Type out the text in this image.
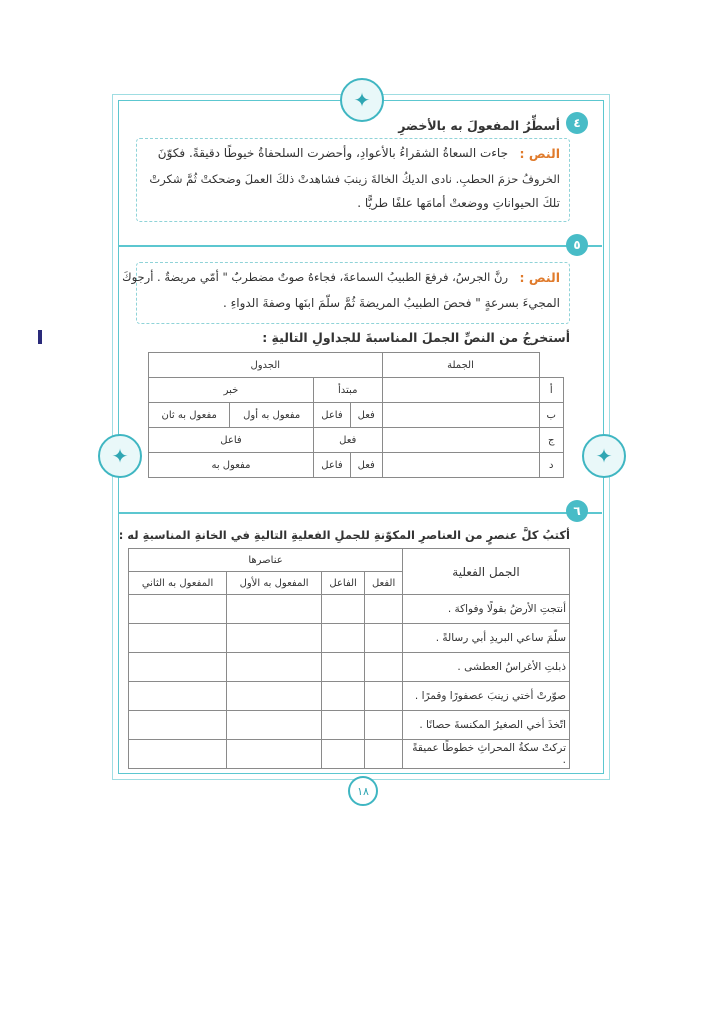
✦
✦	✦
١٨
٤
أسطِّرُ المفعولَ به بالأخضرِ
النص :
جاءت السعاةُ الشقراءُ بالأعوادِ، وأحضرت السلحفاةُ خيوطًا دقيقةً. فكوّنَ
الخروفُ حزمَ الحطبِ. نادى الديكُ الخالةَ زينبَ فشاهدتْ ذلكَ العملَ وضحكتْ ثُمَّ شكرتْ
تلكَ الحيواناتِ ووضعتْ أمامَها علفًا طريًّا .
٥
النص :
رنَّ الجرسُ، فرفعَ الطبيبُ السماعةَ، فجاءهُ صوتٌ مضطربٌ " أمّي مريضةٌ . أرجوكَ
المجيءَ بسرعةٍ " فحصَ الطبيبُ المريضةَ ثُمَّ سلّمَ ابنَها وصفةَ الدواءِ .
أستخرجُ من النصِّ الجملَ المناسبةَ للجداولِ التاليةِ :
	الجملة	الجدول			
أ		مبتدأ		خبر	
ب		فعل	فاعل	مفعول به أول	مفعول به ثان
ج		فعل		فاعل	
د		فعل	فاعل	مفعول به	
٦
أكتبُ كلَّ عنصرٍ من العناصرِ المكوّنةِ للجملِ الفعليةِ التاليةِ في الخانةِ المناسبةِ له :
الجمل الفعلية	عناصرها			
	الفعل	الفاعل	المفعول به الأول	المفعول به الثاني
أنتجتِ الأرضُ بقولًا وفواكهَ .				
سلّمَ ساعي البريدِ أبي رسالةً .				
ذبلتِ الأغراسُ العطشى .				
صوّرتْ أختي زينبَ عصفورًا وقمرًا .				
اتّخذَ أخي الصغيرُ المكنسةَ حصانًا .				
تركتْ سكةُ المحراثِ خطوطًا عميقةً .				
